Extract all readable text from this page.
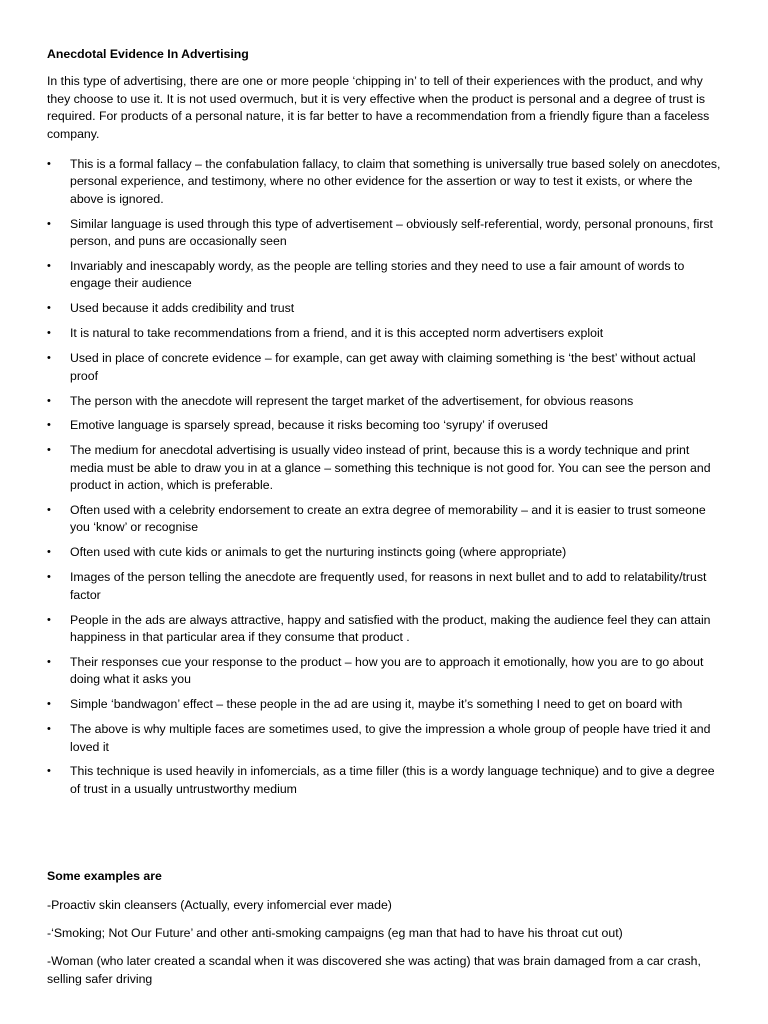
Anecdotal Evidence In Advertising

In this type of advertising, there are one or more people ‘chipping in’ to tell of their experiences with the product, and why they choose to use it. It is not used overmuch, but it is very effective when the product is personal and a degree of trust is required. For products of a personal nature, it is far better to have a recommendation from a friendly figure than a faceless company.

•	This is a formal fallacy – the confabulation fallacy, to claim that something is universally true based solely on anecdotes, personal experience, and testimony, where no other evidence for the assertion or way to test it exists, or where the above is ignored.
•	Similar language is used through this type of advertisement – obviously self-referential, wordy, personal pronouns, first person, and puns are occasionally seen
•	Invariably and inescapably wordy, as the people are telling stories and they need to use a fair amount of words to engage their audience
•	Used because it adds credibility and trust
•	It is natural to take recommendations from a friend, and it is this accepted norm advertisers exploit
•	Used in place of concrete evidence – for example, can get away with claiming something is ‘the best’ without actual proof
•	The person with the anecdote will represent the target market of the advertisement, for obvious reasons
•	Emotive language is sparsely spread, because it risks becoming too ‘syrupy’ if overused
•	The medium for anecdotal advertising is usually video instead of print, because this is a wordy technique and print media must be able to draw you in at a glance – something this technique is not good for. You can see the person and product in action, which is preferable.
•	Often used with a celebrity endorsement to create an extra degree of memorability – and it is easier to trust someone you ‘know’ or recognise
•	Often used with cute kids or animals to get the nurturing instincts going (where appropriate)
•	Images of the person telling the anecdote are frequently used, for reasons in next bullet and to add to relatability/trust factor
•	People in the ads are always attractive, happy and satisfied with the product, making the audience feel they can attain happiness in that particular area if they consume that product .
•	Their responses cue your response to the product – how you are to approach it emotionally, how you are to go about doing what it asks you
•	Simple ‘bandwagon’ effect – these people in the ad are using it, maybe it’s something I need to get on board with
•	The above is why multiple faces are sometimes used, to give the impression a whole group of people have tried it and loved it
•	This technique is used heavily in infomercials, as a time filler (this is a wordy language technique) and to give a degree of trust in a usually untrustworthy medium

Some examples are

-Proactiv skin cleansers (Actually, every infomercial ever made)

-‘Smoking; Not Our Future’ and other anti-smoking campaigns (eg man that had to have his throat cut out)

-Woman (who later created a scandal when it was discovered she was acting) that was brain damaged from a car crash, selling safer driving
